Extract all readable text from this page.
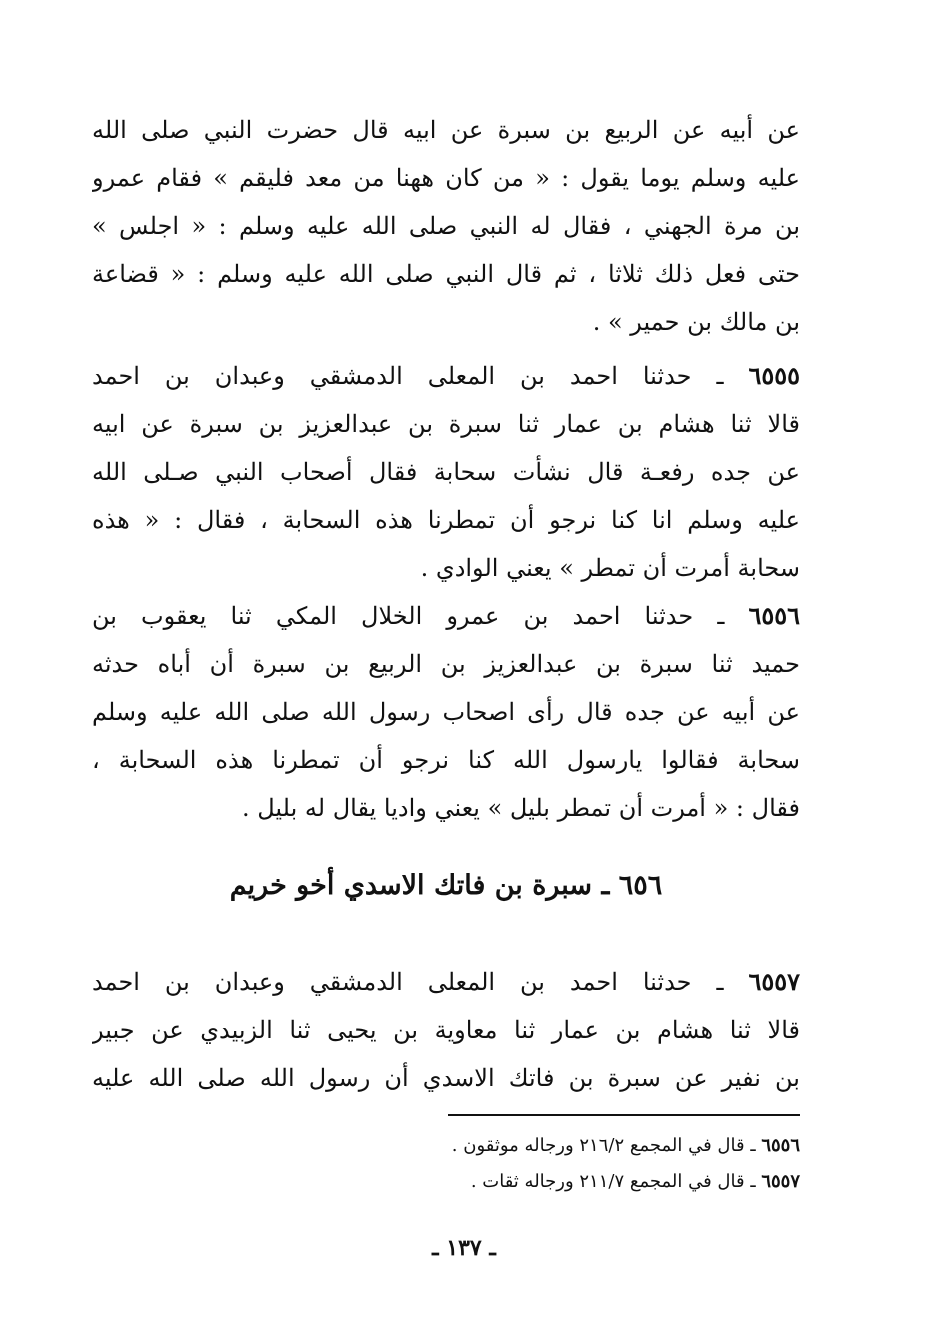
عن أبيه عن الربيع بن سبرة عن ابيه قال حضرت النبي صلى الله
عليه وسلم يوما يقول : « من كان ههنا من معد فليقم » فقام عمرو
بن مرة الجهني ، فقال له النبي صلى الله عليه وسلم : « اجلس »
حتى فعل ذلك ثلاثا ، ثم قال النبي صلى الله عليه وسلم : « قضاعة
بن مالك بن حمير » .
٦٥٥٥ ـ حدثنا احمد بن المعلى الدمشقي وعبدان بن احمد
قالا ثنا هشام بن عمار ثنا سبرة بن عبدالعزيز بن سبرة عن ابيه
عن جده رفعـة قال نشأت سحابة فقال أصحاب النبي صـلى الله
عليه وسلم انا كنا نرجو أن تمطرنا هذه السحابة ، فقال : « هذه
سحابة أمرت أن تمطر » يعني الوادي .
٦٥٥٦ ـ حدثنا احمد بن عمرو الخلال المكي ثنا يعقوب بن
حميد ثنا سبرة بن عبدالعزيز بن الربيع بن سبرة أن أباه حدثه
عن أبيه عن جده قال رأى اصحاب رسول الله صلى الله عليه وسلم
سحابة فقالوا يارسول الله كنا نرجو أن تمطرنا هذه السحابة ،
فقال : « أمرت أن تمطر بليل » يعني واديا يقال له بليل .
٦٥٦ ـ سبرة بن فاتك الاسدي أخو خريم
٦٥٥٧ ـ حدثنا احمد بن المعلى الدمشقي وعبدان بن احمد
قالا ثنا هشام بن عمار ثنا معاوية بن يحيى ثنا الزبيدي عن جبير
بن نفير عن سبرة بن فاتك الاسدي أن رسول الله صلى الله عليه
٦٥٥٦ ـ قال في المجمع ٢١٦/٢ ورجاله موثقون .
٦٥٥٧ ـ قال في المجمع ٢١١/٧ ورجاله ثقات .
ـ ١٣٧ ـ
